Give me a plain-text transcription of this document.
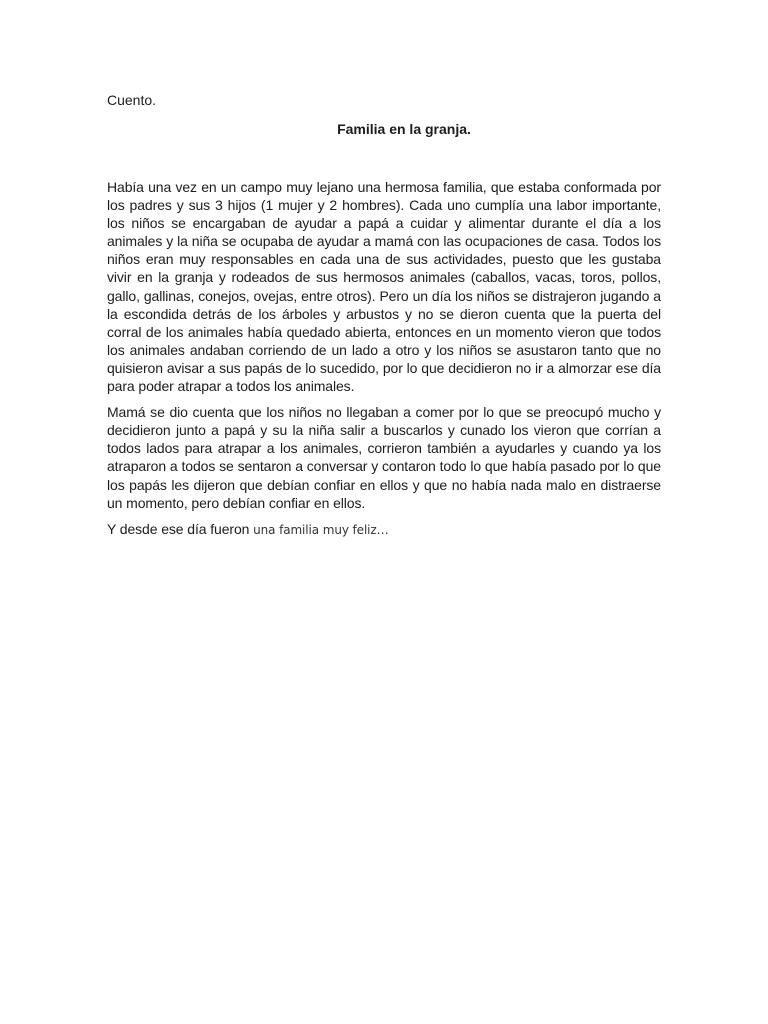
Cuento.
Familia en la granja.

Había una vez en un campo muy lejano una hermosa familia, que estaba conformada por los padres y sus 3 hijos (1 mujer y 2 hombres). Cada uno cumplía una labor importante, los niños se encargaban de ayudar a papá a cuidar y alimentar durante el día a los animales y la niña se ocupaba de ayudar a mamá con las ocupaciones de casa. Todos los niños eran muy responsables en cada una de sus actividades, puesto que les gustaba vivir en la granja y rodeados de sus hermosos animales (caballos, vacas, toros, pollos, gallo, gallinas, conejos, ovejas, entre otros). Pero un día los niños se distrajeron jugando a la escondida detrás de los árboles y arbustos y no se dieron cuenta que la puerta del corral de los animales había quedado abierta, entonces en un momento vieron que todos los animales andaban corriendo de un lado a otro y los niños se asustaron tanto que no quisieron avisar a sus papás de lo sucedido, por lo que decidieron no ir a almorzar ese día para poder atrapar a todos los animales.

Mamá se dio cuenta que los niños no llegaban a comer por lo que se preocupó mucho y decidieron junto a papá y su la niña salir a buscarlos y cunado los vieron que corrían a todos lados para atrapar a los animales, corrieron también a ayudarles y cuando ya los atraparon a todos se sentaron a conversar y contaron todo lo que había pasado por lo que los papás les dijeron que debían confiar en ellos y que no había nada malo en distraerse un momento, pero debían confiar en ellos.

Y desde ese día fueron una familia muy feliz…
